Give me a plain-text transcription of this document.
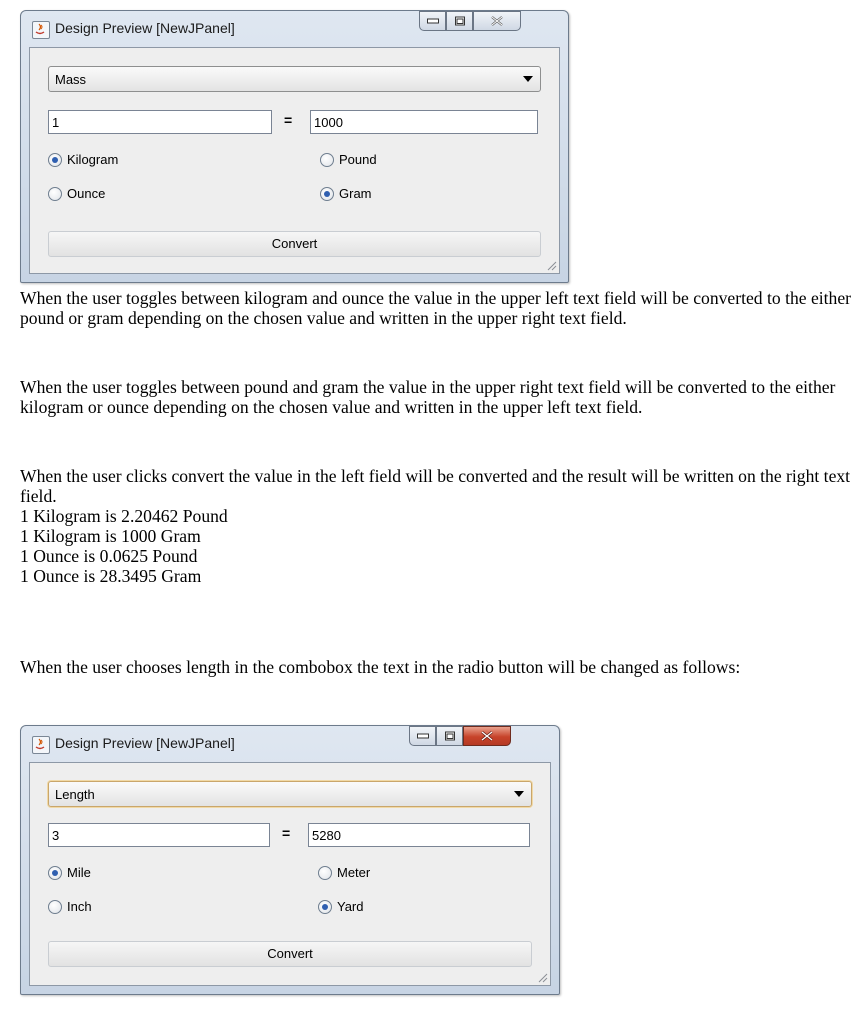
Design Preview [NewJPanel]
Mass
1	= 1000
Kilogram	Pound
Ounce	Gram
Convert

When the user toggles between kilogram and ounce the value in the upper left text field will be converted to the either pound or gram depending on the chosen value and written in the upper right text field.

When the user toggles between pound and gram the value in the upper right text field will be converted to the either kilogram or ounce depending on the chosen value and written in the upper left text field.

When the user clicks convert the value in the left field will be converted and the result will be written on the right text field.

1 Kilogram is 2.20462 Pound

1 Kilogram is 1000 Gram

1 Ounce is 0.0625 Pound

1 Ounce is 28.3495 Gram

When the user chooses length in the combobox the text in the radio button will be changed as follows:

Design Preview [NewJPanel]
Length
3	= 5280
Mile	Meter
Inch	Yard
Convert
